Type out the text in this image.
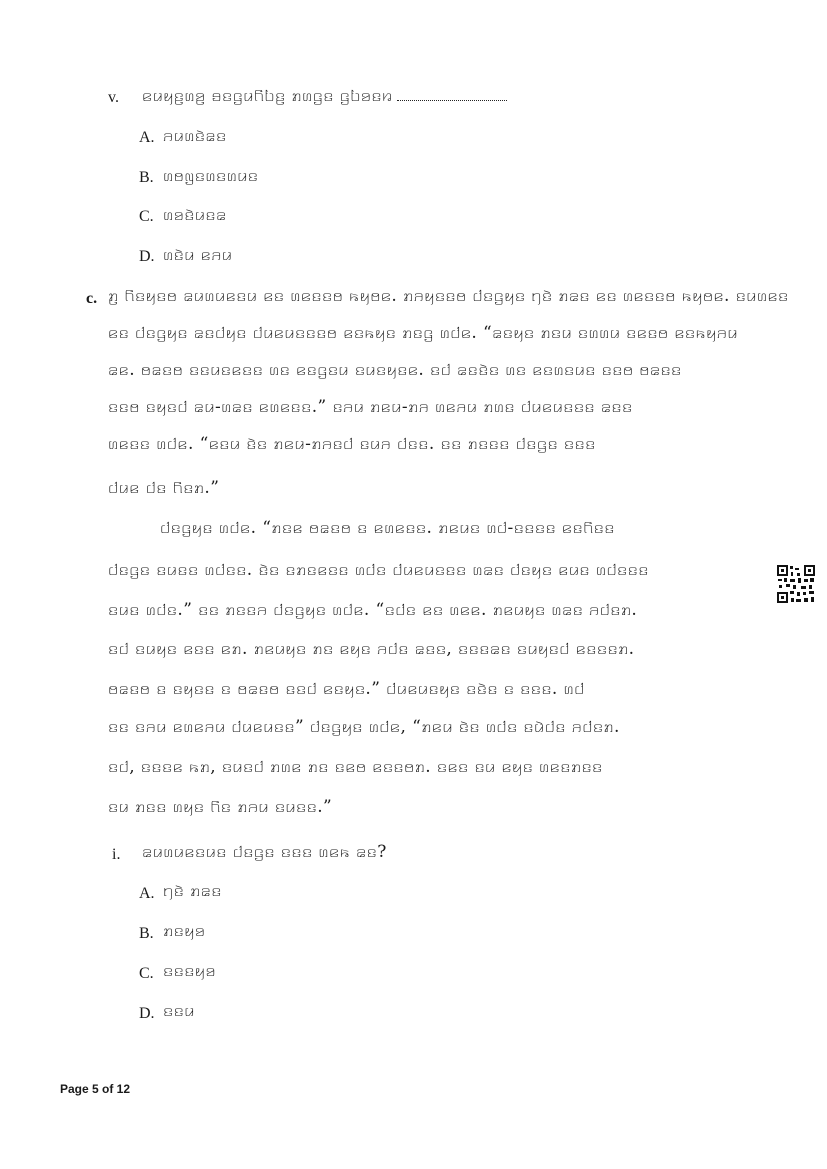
v. ꤕꤣꤟꤢ꤬ꤛꤤ꤬ ꤋꤢꤞꤣꤖꤝꤢ꤬ ꤊꤛꤞꤢ ꤞꤝꤤꤢꤙ
A. ꤏꤣꤛꤢꤧꤘꤢ
B. ꤛꤥꤜꤢꤛꤢꤛꤣꤢ
C. ꤛꤤꤢꤧꤣꤢꤘ
D. ꤛꤢꤧꤣ ꤕꤏꤣ
c. ꤊ꤬ ꤖꤢꤟꤢꤥ ꤘꤣꤛꤣꤕꤢꤣ ꤕꤢ ꤛꤕꤢꤢꤥ ꤒꤟꤥꤕ. ꤊꤏꤟꤢꤢꤥ ꤓꤢꤞꤟꤢ ꤚꤢꤧ ꤊꤘꤢ ꤕꤢ ꤛꤕꤢꤢꤥ ꤒꤟꤥꤕ. ꤢꤣꤛꤕꤢ
ꤕꤢ ꤓꤢꤞꤟꤢ ꤘꤢꤓꤟꤢ ꤓꤣꤕꤣꤢꤢꤢꤥ ꤕꤢꤒꤟꤢ ꤊꤢꤞ ꤛꤓꤕ. “ꤘꤢꤟꤢ ꤊꤢꤣ ꤢꤛꤛꤣ ꤢꤕꤢꤥ ꤕꤢꤒꤟꤏꤣ
ꤘꤕ. ꤥꤘꤢꤥ ꤢꤢꤣꤢꤕꤢꤢ ꤛꤢ ꤕꤢꤞꤢꤣ ꤢꤣꤢꤟꤢꤕ. ꤢꤓ ꤘꤢꤢꤧꤢ ꤛꤢ ꤕꤢꤛꤢꤣꤢ ꤢꤢꤥ ꤥꤘꤢꤢ
ꤢꤢꤥ ꤢꤟꤢꤓ ꤘꤣ-ꤛꤘꤢ ꤕꤛꤕꤢꤢ.” ꤢꤏꤣ ꤊꤕꤣ-ꤊꤏ ꤛꤕꤏꤣ ꤊꤛꤢ ꤓꤣꤕꤣꤢꤢꤢ ꤘꤢꤢ
ꤛꤕꤢꤢ ꤛꤓꤕ. “ꤕꤢꤣ ꤢꤧꤢ ꤊꤕꤣ-ꤊꤏꤢꤓ ꤢꤣꤏ ꤓꤢꤢ. ꤢꤢ ꤊꤢꤢꤢ ꤓꤢꤞꤢ ꤢꤢꤢ
ꤓꤣꤕ ꤓꤢ ꤖꤢꤊ.”
ꤓꤢꤞꤟꤢ ꤛꤓꤕ. “ꤊꤢꤕ ꤥꤘꤢꤥ ꤢ ꤕꤛꤕꤢꤢ. ꤊꤕꤣꤢ ꤛꤓ-ꤢꤢꤢꤢ ꤕꤢꤖꤢꤢ
ꤓꤢꤞꤢ ꤢꤣꤢꤢ ꤛꤓꤢꤢ. ꤢꤧꤢ ꤢꤊꤢꤕꤢꤢ ꤛꤓꤢ ꤓꤣꤕꤣꤢꤢꤢ ꤛꤘꤢ ꤓꤢꤟꤢ ꤕꤣꤢ ꤛꤓꤢꤢꤢ
ꤢꤣꤢ ꤛꤓꤢ.” ꤢꤢ ꤊꤢꤢꤏ ꤓꤢꤞꤟꤢ ꤛꤓꤕ. “ꤢꤓꤢ ꤕꤢ ꤛꤕꤕ. ꤊꤕꤣꤟꤢ ꤛꤘꤢ ꤏꤓꤢꤊ.
ꤢꤓ ꤢꤣꤟꤢ ꤕꤢꤢ ꤕꤊ. ꤊꤕꤣꤟꤢ ꤊꤢ ꤕꤟꤢ ꤏꤓꤢ ꤘꤢꤢ, ꤢꤢꤢꤘꤢ ꤢꤣꤟꤢꤓ ꤕꤢꤢꤢꤊ.
ꤥꤘꤢꤥ ꤢ ꤢꤟꤢꤢ ꤢ ꤥꤘꤢꤥ ꤢꤢꤓ ꤕꤢꤟꤢ.” ꤓꤣꤕꤣꤢꤟꤢ ꤢꤢꤧꤢ ꤢ ꤢꤢꤢ. ꤛꤓ
ꤢꤢ ꤢꤏꤣ ꤕꤛꤕꤏꤣ ꤓꤣꤕꤣꤢꤢ” ꤓꤢꤞꤟꤢ ꤛꤓꤕ, “ꤊꤕꤣ ꤢꤧꤢ ꤛꤓꤢ ꤢꤣꤧꤓꤢ ꤏꤓꤢꤊ.
ꤢꤓ, ꤢꤢꤢꤕ ꤒꤊ, ꤢꤣꤢꤓ ꤊꤛꤕ ꤊꤢ ꤢꤕꤥ ꤕꤢꤢꤥꤊ. ꤢꤕꤢ ꤢꤣ ꤕꤟꤢ ꤛꤕꤢꤊꤢꤢ
ꤢꤣ ꤊꤢꤢ ꤛꤟꤢ ꤖꤢ ꤊꤏꤣ ꤢꤣꤢꤢ.”
i. ꤘꤣꤛꤣꤕꤢꤣꤢ ꤓꤢꤞꤢ ꤢꤢꤢ ꤛꤕꤒ ꤘꤢ?
A. ꤚꤢꤧ ꤊꤘꤢ
B. ꤊꤢꤟꤤ
C. ꤢꤢꤢꤟꤤ
D. ꤢꤢꤣ
Page 5 of 12
